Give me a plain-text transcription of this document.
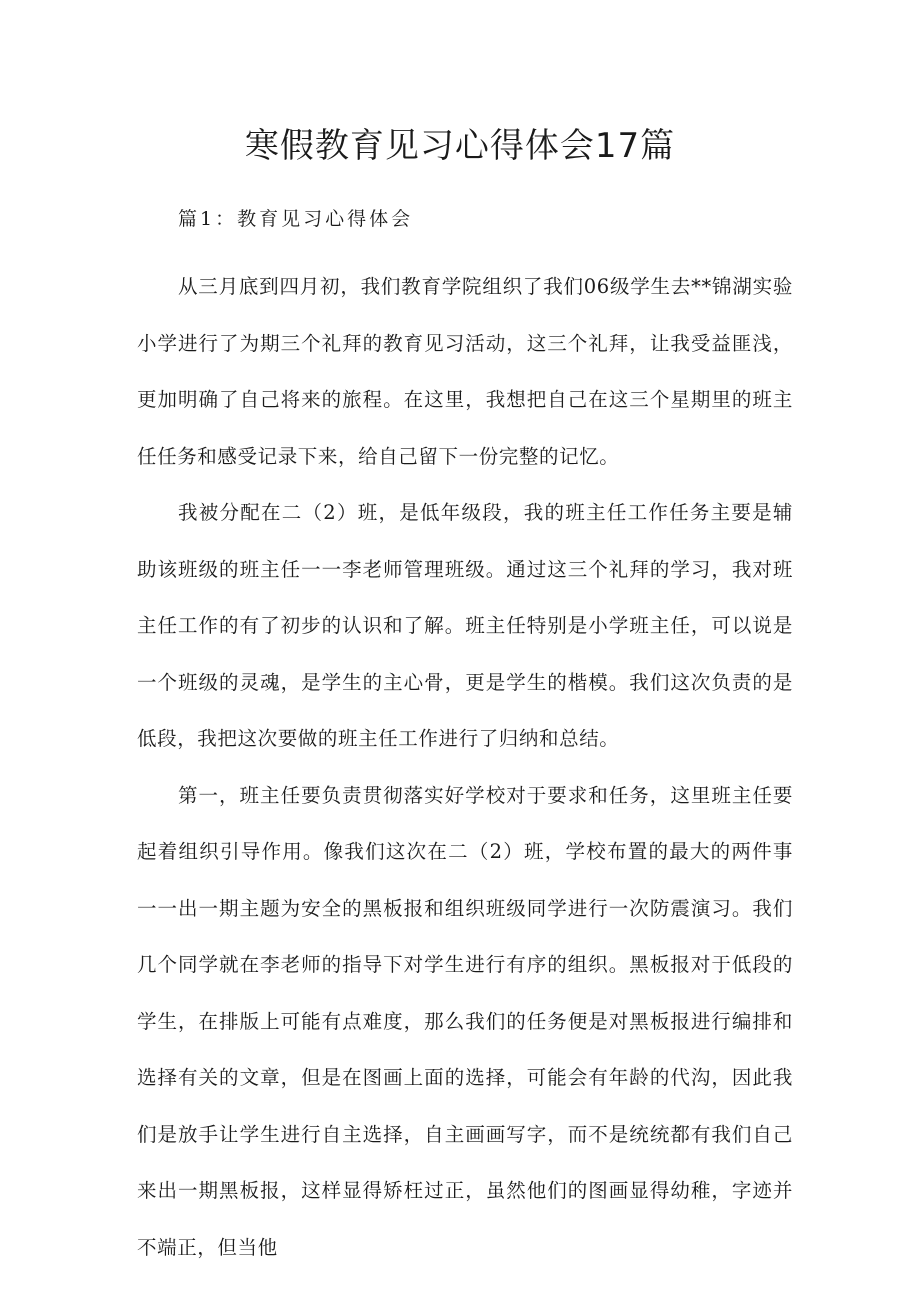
寒假教育见习心得体会17篇

篇1：教育见习心得体会

从三月底到四月初，我们教育学院组织了我们06级学生去**锦湖实验小学进行了为期三个礼拜的教育见习活动，这三个礼拜，让我受益匪浅，更加明确了自己将来的旅程。在这里，我想把自己在这三个星期里的班主任任务和感受记录下来，给自己留下一份完整的记忆。

我被分配在二（2）班，是低年级段，我的班主任工作任务主要是辅助该班级的班主任一一李老师管理班级。通过这三个礼拜的学习，我对班主任工作的有了初步的认识和了解。班主任特别是小学班主任，可以说是一个班级的灵魂，是学生的主心骨，更是学生的楷模。我们这次负责的是低段，我把这次要做的班主任工作进行了归纳和总结。

第一，班主任要负责贯彻落实好学校对于要求和任务，这里班主任要起着组织引导作用。像我们这次在二（2）班，学校布置的最大的两件事一一出一期主题为安全的黑板报和组织班级同学进行一次防震演习。我们几个同学就在李老师的指导下对学生进行有序的组织。黑板报对于低段的学生，在排版上可能有点难度，那么我们的任务便是对黑板报进行编排和选择有关的文章，但是在图画上面的选择，可能会有年龄的代沟，因此我们是放手让学生进行自主选择，自主画画写字，而不是统统都有我们自己来出一期黑板报，这样显得矫枉过正，虽然他们的图画显得幼稚，字迹并不端正，但当他
